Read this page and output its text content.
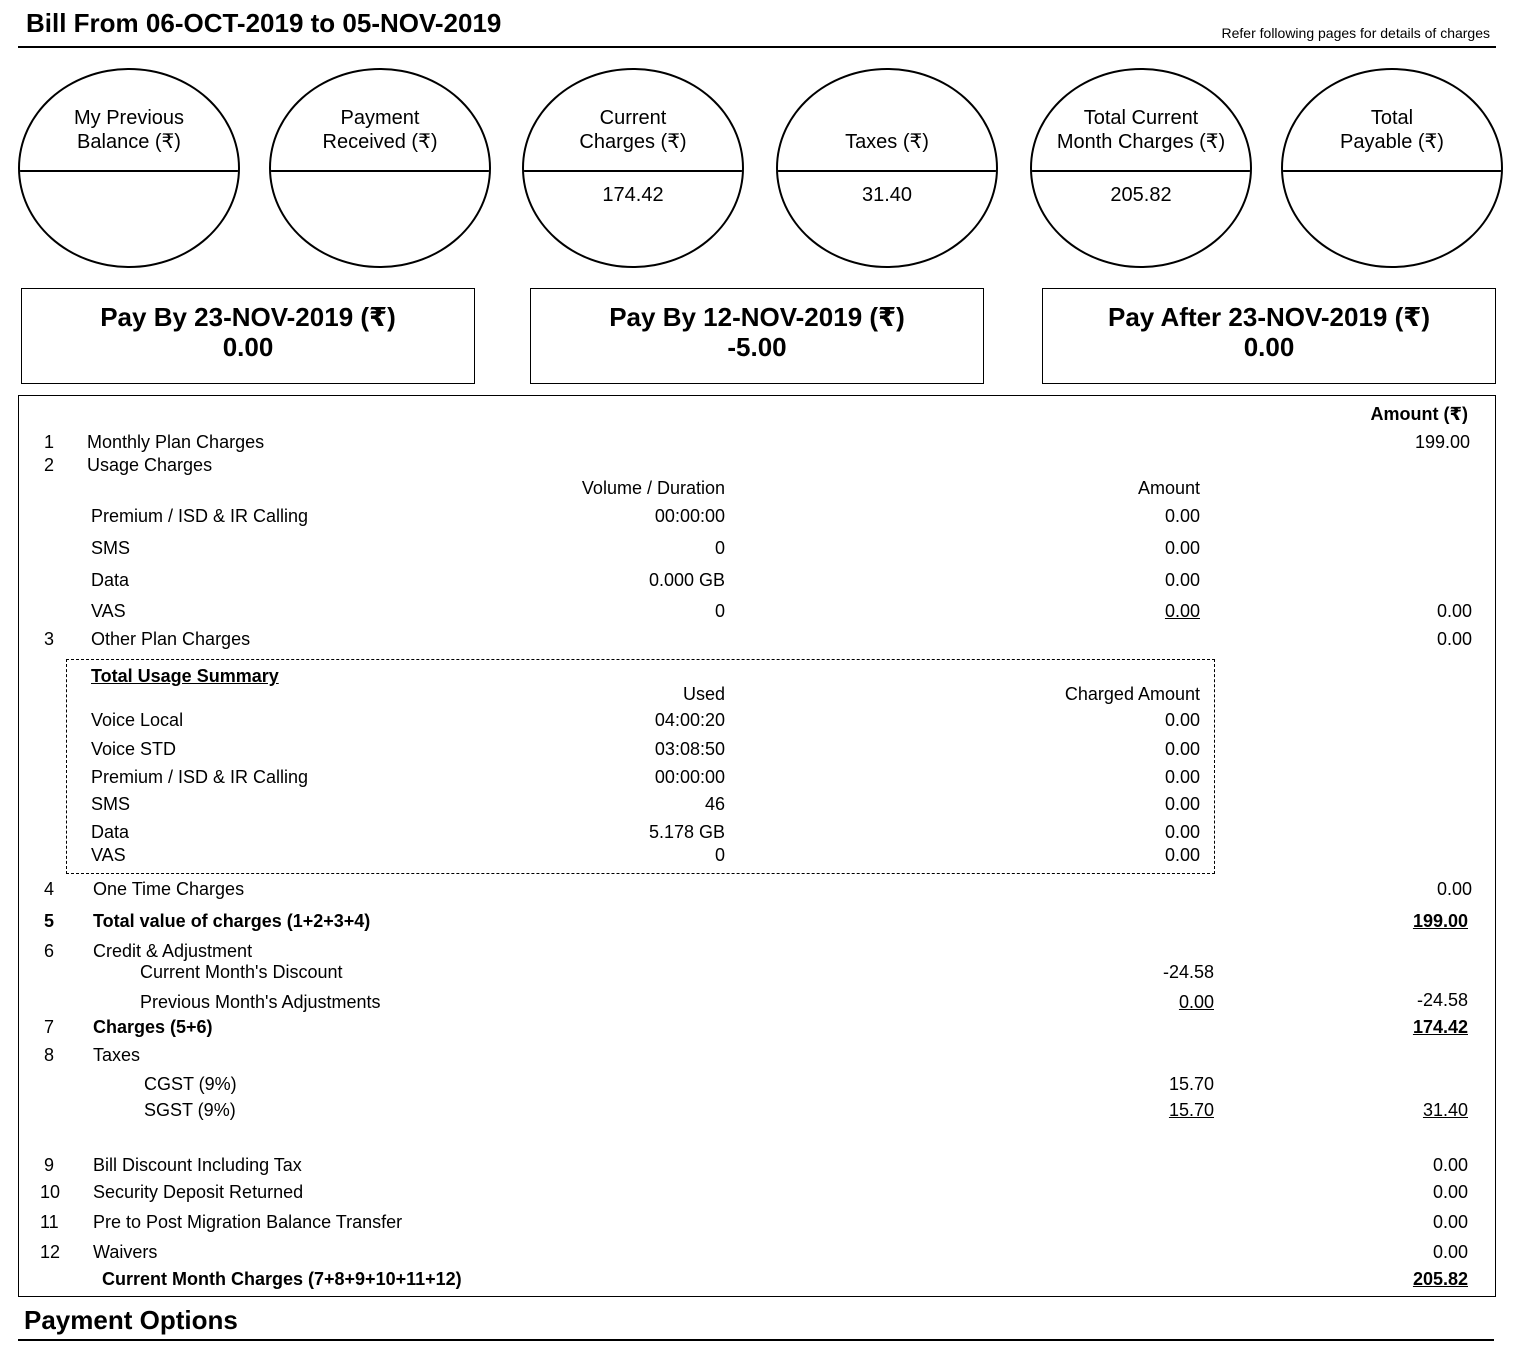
Bill From 06-OCT-2019 to 05-NOV-2019	Refer following pages for details of charges
My Previous
Balance (₹)
Payment
Received (₹)
Current
Charges (₹)
174.42
Taxes (₹)
31.40
Total Current
Month Charges (₹)
205.82
Total
Payable (₹)
Pay By 23-NOV-2019 (₹)
0.00
Pay By 12-NOV-2019 (₹)
-5.00
Pay After 23-NOV-2019 (₹)
0.00
Amount (₹)
1 Monthly Plan Charges	199.00
2 Usage Charges
Volume / Duration	Amount
Premium / ISD & IR Calling	00:00:00	0.00
SMS	0	0.00
Data	0.000 GB	0.00
VAS	0	0.00	0.00
3 Other Plan Charges	0.00
Total Usage Summary
Used	Charged Amount
Voice Local	04:00:20	0.00
Voice STD	03:08:50	0.00
Premium / ISD & IR Calling	00:00:00	0.00
SMS	46	0.00
Data	5.178 GB	0.00
VAS	0	0.00
4 One Time Charges	0.00
5 Total value of charges (1+2+3+4)	199.00
6 Credit & Adjustment
Current Month's Discount	-24.58
Previous Month's Adjustments	0.00	-24.58
7 Charges (5+6)	174.42
8 Taxes
CGST (9%)	15.70
SGST (9%)	15.70	31.40
9 Bill Discount Including Tax	0.00
10 Security Deposit Returned	0.00
11 Pre to Post Migration Balance Transfer	0.00
12 Waivers	0.00
Current Month Charges (7+8+9+10+11+12)	205.82
Payment Options
